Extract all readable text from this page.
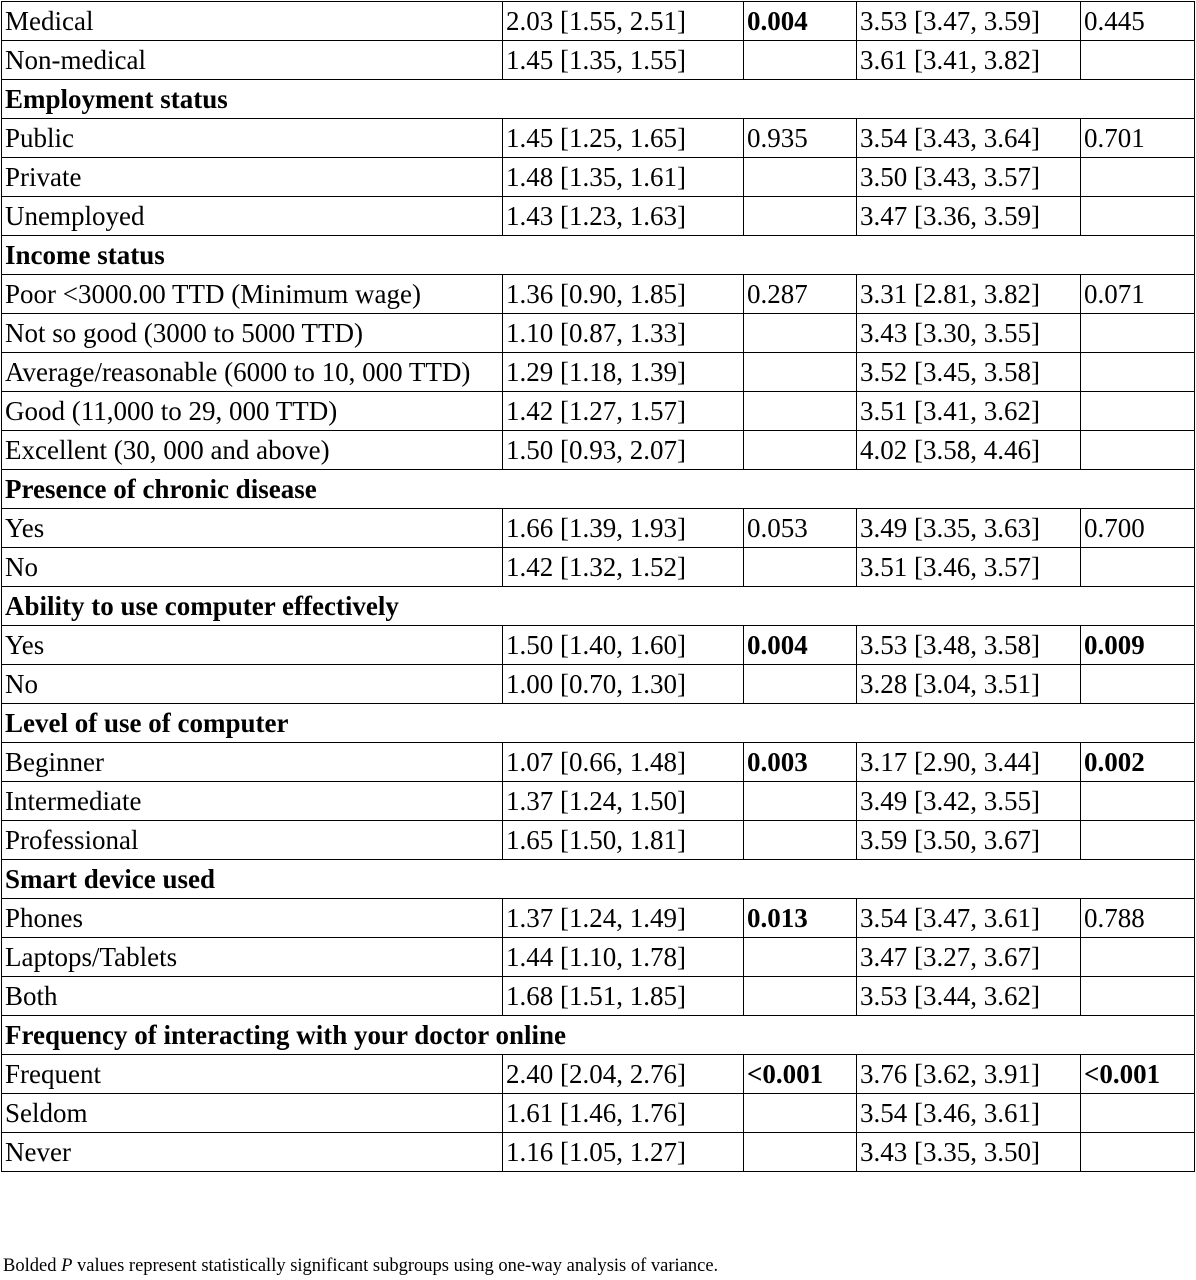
Medical	2.03 [1.55, 2.51]	0.004	3.53 [3.47, 3.59]	0.445
Non-medical	1.45 [1.35, 1.55]		3.61 [3.41, 3.82]	
Employment status				
Public	1.45 [1.25, 1.65]	0.935	3.54 [3.43, 3.64]	0.701
Private	1.48 [1.35, 1.61]		3.50 [3.43, 3.57]	
Unemployed	1.43 [1.23, 1.63]		3.47 [3.36, 3.59]	
Income status				
Poor <3000.00 TTD (Minimum wage)	1.36 [0.90, 1.85]	0.287	3.31 [2.81, 3.82]	0.071
Not so good (3000 to 5000 TTD)	1.10 [0.87, 1.33]		3.43 [3.30, 3.55]	
Average/reasonable (6000 to 10, 000 TTD)	1.29 [1.18, 1.39]		3.52 [3.45, 3.58]	
Good (11,000 to 29, 000 TTD)	1.42 [1.27, 1.57]		3.51 [3.41, 3.62]	
Excellent (30, 000 and above)	1.50 [0.93, 2.07]		4.02 [3.58, 4.46]	
Presence of chronic disease				
Yes	1.66 [1.39, 1.93]	0.053	3.49 [3.35, 3.63]	0.700
No	1.42 [1.32, 1.52]		3.51 [3.46, 3.57]	
Ability to use computer effectively				
Yes	1.50 [1.40, 1.60]	0.004	3.53 [3.48, 3.58]	0.009
No	1.00 [0.70, 1.30]		3.28 [3.04, 3.51]	
Level of use of computer				
Beginner	1.07 [0.66, 1.48]	0.003	3.17 [2.90, 3.44]	0.002
Intermediate	1.37 [1.24, 1.50]		3.49 [3.42, 3.55]	
Professional	1.65 [1.50, 1.81]		3.59 [3.50, 3.67]	
Smart device used				
Phones	1.37 [1.24, 1.49]	0.013	3.54 [3.47, 3.61]	0.788
Laptops/Tablets	1.44 [1.10, 1.78]		3.47 [3.27, 3.67]	
Both	1.68 [1.51, 1.85]		3.53 [3.44, 3.62]	
Frequency of interacting with your doctor online				
Frequent	2.40 [2.04, 2.76]	<0.001	3.76 [3.62, 3.91]	<0.001
Seldom	1.61 [1.46, 1.76]		3.54 [3.46, 3.61]	
Never	1.16 [1.05, 1.27]		3.43 [3.35, 3.50]	
Bolded P values represent statistically significant subgroups using one-way analysis of variance.
